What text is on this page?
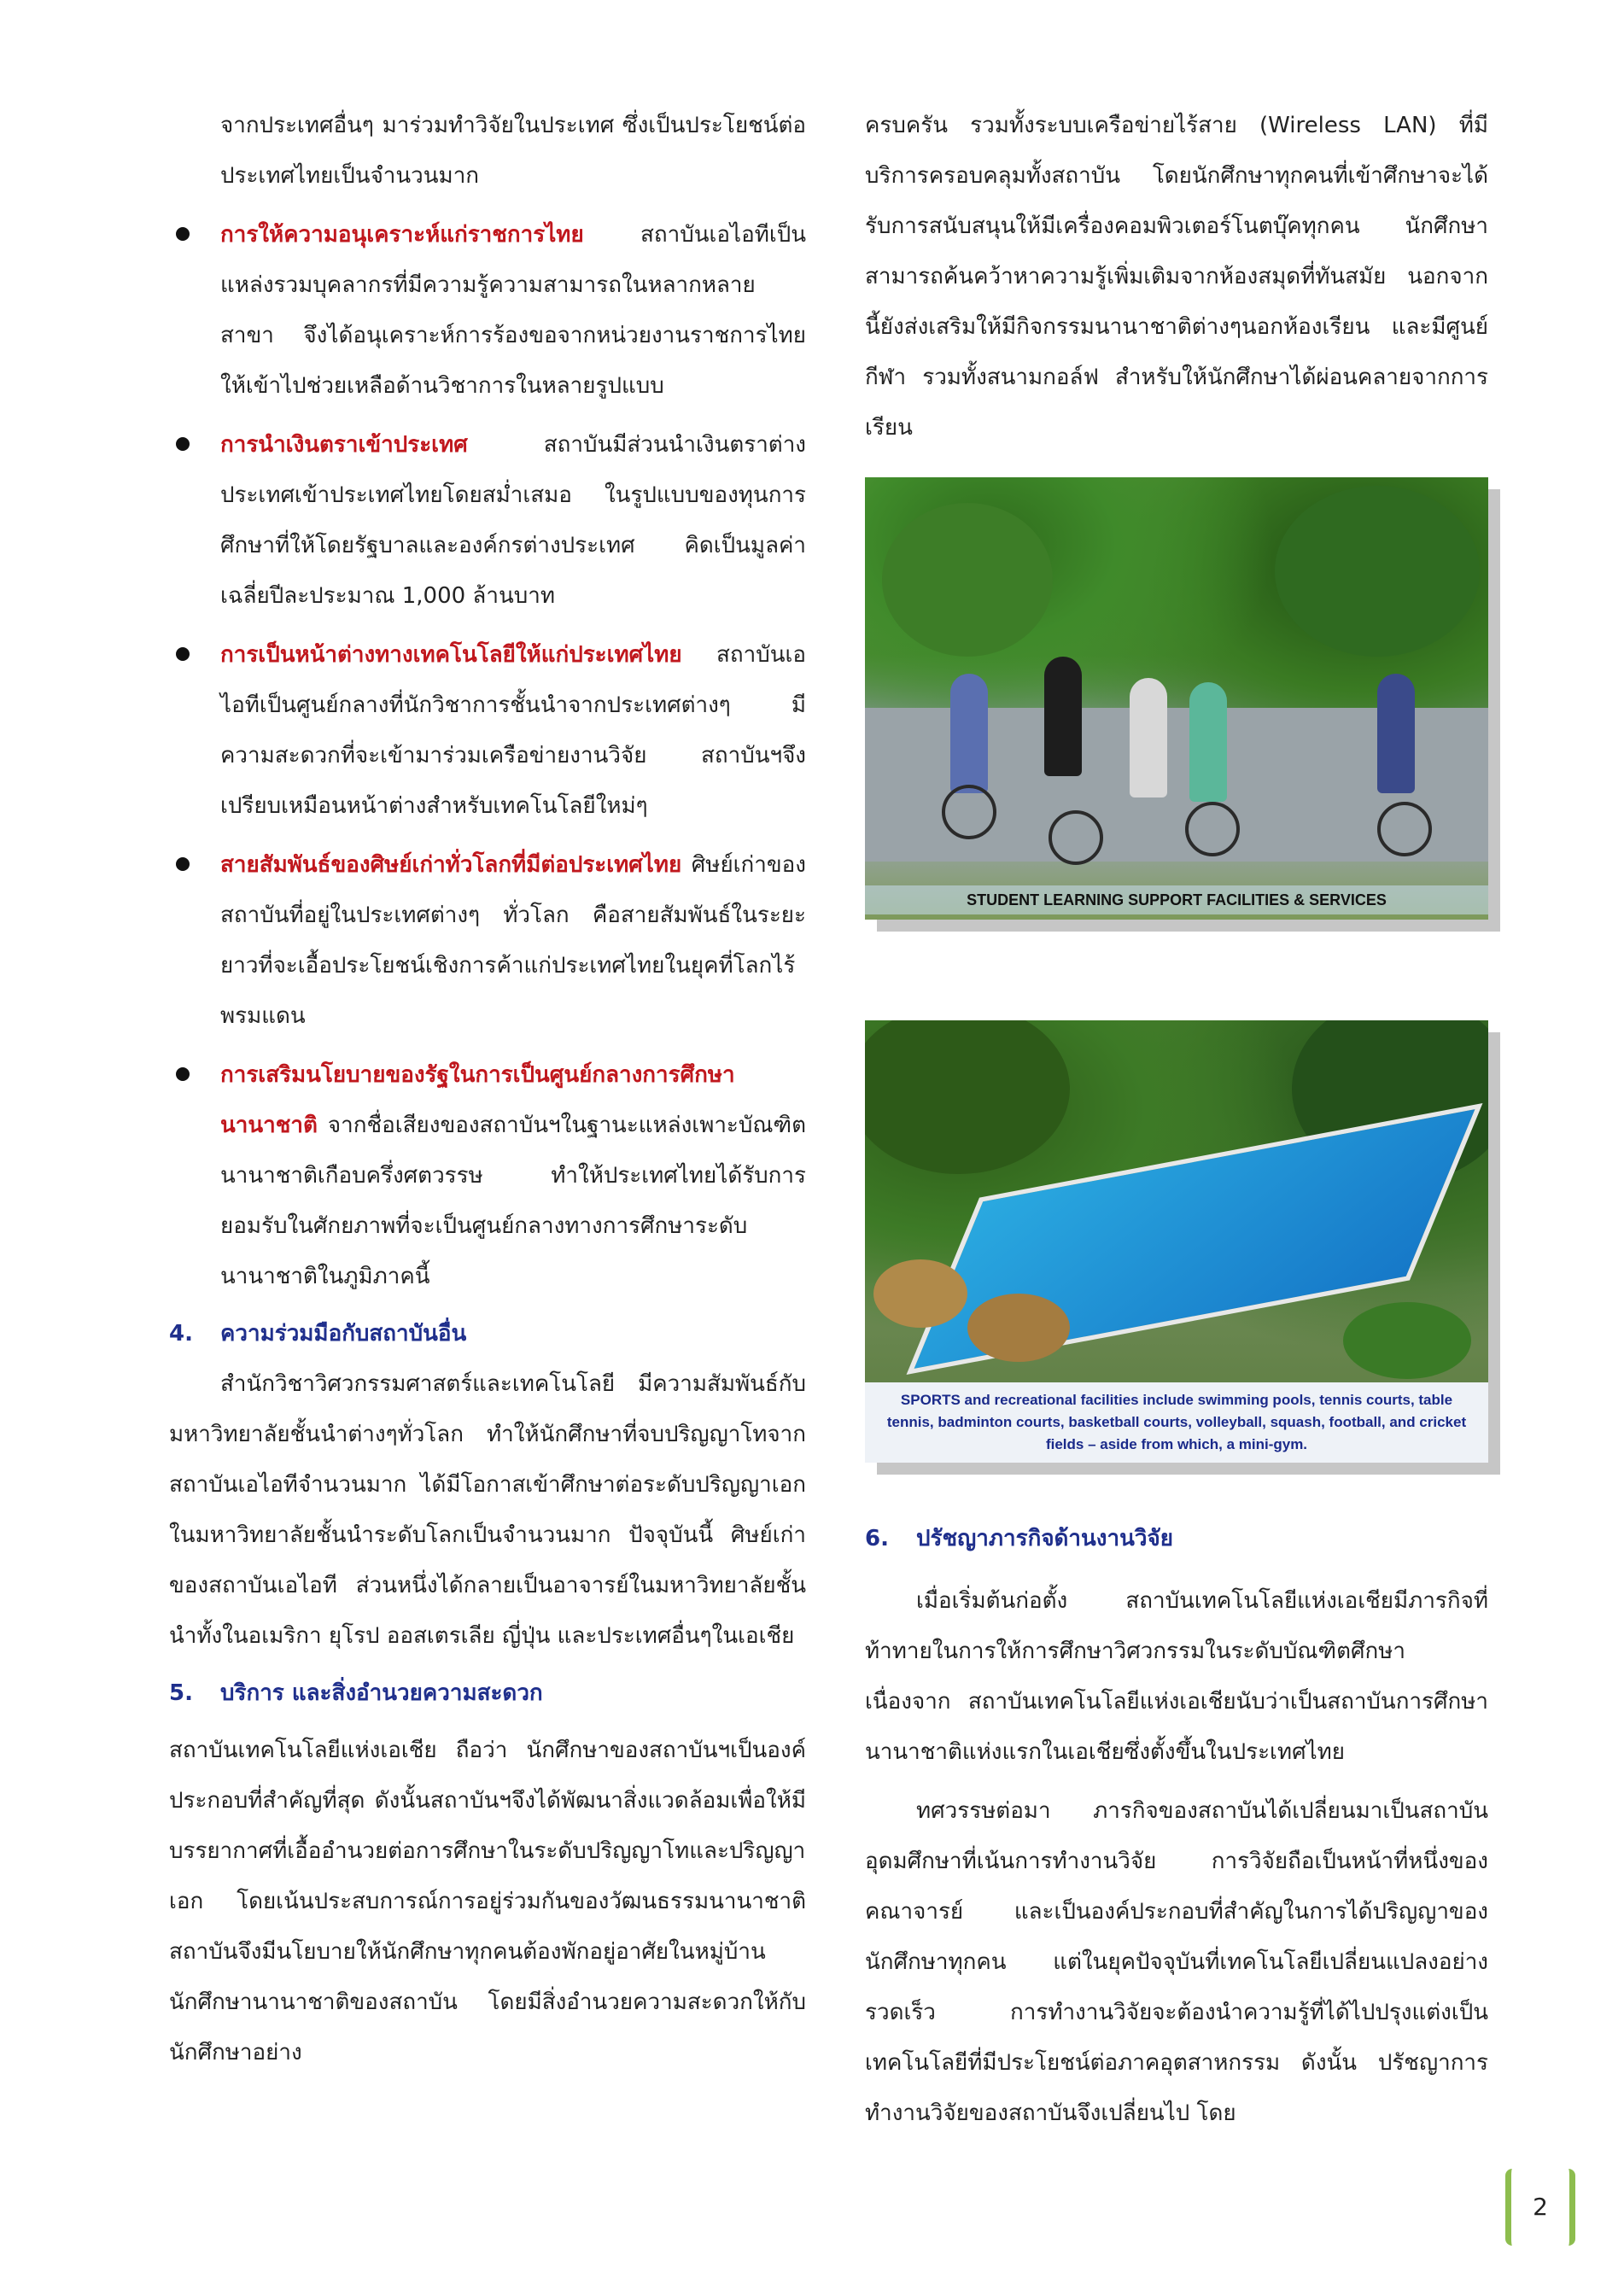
จากประเทศอื่นๆ มาร่วมทำวิจัยในประเทศ ซึ่งเป็นประโยชน์ต่อประเทศไทยเป็นจำนวนมาก

การให้ความอนุเคราะห์แก่ราชการไทย สถาบันเอไอทีเป็นแหล่งรวมบุคลากรที่มีความรู้ความสามารถในหลากหลายสาขา จึงได้อนุเคราะห์การร้องขอจากหน่วยงานราชการไทยให้เข้าไปช่วยเหลือด้านวิชาการในหลายรูปแบบ

การนำเงินตราเข้าประเทศ สถาบันมีส่วนนำเงินตราต่างประเทศเข้าประเทศไทยโดยสม่ำเสมอ ในรูปแบบของทุนการศึกษาที่ให้โดยรัฐบาลและองค์กรต่างประเทศ คิดเป็นมูลค่าเฉลี่ยปีละประมาณ 1,000 ล้านบาท

การเป็นหน้าต่างทางเทคโนโลยีให้แก่ประเทศไทย สถาบันเอไอทีเป็นศูนย์กลางที่นักวิชาการชั้นนำจากประเทศต่างๆ มีความสะดวกที่จะเข้ามาร่วมเครือข่ายงานวิจัย สถาบันฯจึงเปรียบเหมือนหน้าต่างสำหรับเทคโนโลยีใหม่ๆ

สายสัมพันธ์ของศิษย์เก่าทั่วโลกที่มีต่อประเทศไทย ศิษย์เก่าของสถาบันที่อยู่ในประเทศต่างๆ ทั่วโลก คือสายสัมพันธ์ในระยะยาวที่จะเอื้อประโยชน์เชิงการค้าแก่ประเทศไทยในยุคที่โลกไร้พรมแดน

การเสริมนโยบายของรัฐในการเป็นศูนย์กลางการศึกษานานาชาติ จากชื่อเสียงของสถาบันฯในฐานะแหล่งเพาะบัณฑิตนานาชาติเกือบครึ่งศตวรรษ ทำให้ประเทศไทยได้รับการยอมรับในศักยภาพที่จะเป็นศูนย์กลางทางการศึกษาระดับนานาชาติในภูมิภาคนี้

4. ความร่วมมือกับสถาบันอื่น

สำนักวิชาวิศวกรรมศาสตร์และเทคโนโลยี มีความสัมพันธ์กับมหาวิทยาลัยชั้นนำต่างๆทั่วโลก ทำให้นักศึกษาที่จบปริญญาโทจากสถาบันเอไอทีจำนวนมาก ได้มีโอกาสเข้าศึกษาต่อระดับปริญญาเอกในมหาวิทยาลัยชั้นนำระดับโลกเป็นจำนวนมาก ปัจจุบันนี้ ศิษย์เก่าของสถาบันเอไอที ส่วนหนึ่งได้กลายเป็นอาจารย์ในมหาวิทยาลัยชั้นนำทั้งในอเมริกา ยุโรป ออสเตรเลีย ญี่ปุ่น และประเทศอื่นๆในเอเชีย

5. บริการ และสิ่งอำนวยความสะดวก

สถาบันเทคโนโลยีแห่งเอเชีย ถือว่า นักศึกษาของสถาบันฯเป็นองค์ประกอบที่สำคัญที่สุด ดังนั้นสถาบันฯจึงได้พัฒนาสิ่งแวดล้อมเพื่อให้มีบรรยากาศที่เอื้ออำนวยต่อการศึกษาในระดับปริญญาโทและปริญญาเอก โดยเน้นประสบการณ์การอยู่ร่วมกันของวัฒนธรรมนานาชาติ สถาบันจึงมีนโยบายให้นักศึกษาทุกคนต้องพักอยู่อาศัยในหมู่บ้านนักศึกษานานาชาติของสถาบัน โดยมีสิ่งอำนวยความสะดวกให้กับนักศึกษาอย่าง

ครบครัน รวมทั้งระบบเครือข่ายไร้สาย (Wireless LAN) ที่มีบริการครอบคลุมทั้งสถาบัน โดยนักศึกษาทุกคนที่เข้าศึกษาจะได้รับการสนับสนุนให้มีเครื่องคอมพิวเตอร์โนตบุ๊คทุกคน นักศึกษาสามารถค้นคว้าหาความรู้เพิ่มเติมจากห้องสมุดที่ทันสมัย นอกจากนี้ยังส่งเสริมให้มีกิจกรรมนานาชาติต่างๆนอกห้องเรียน และมีศูนย์กีฬา รวมทั้งสนามกอล์ฟ สำหรับให้นักศึกษาได้ผ่อนคลายจากการเรียน

STUDENT LEARNING SUPPORT FACILITIES & SERVICES
SPORTS and recreational facilities include swimming pools, tennis courts, table tennis, badminton courts, basketball courts, volleyball, squash, football, and cricket fields – aside from which, a mini-gym.
6. ปรัชญาภารกิจด้านงานวิจัย

เมื่อเริ่มต้นก่อตั้ง สถาบันเทคโนโลยีแห่งเอเชียมีภารกิจที่ท้าทายในการให้การศึกษาวิศวกรรมในระดับบัณฑิตศึกษา เนื่องจาก สถาบันเทคโนโลยีแห่งเอเชียนับว่าเป็นสถาบันการศึกษานานาชาติแห่งแรกในเอเชียซึ่งตั้งขึ้นในประเทศไทย

ทศวรรษต่อมา ภารกิจของสถาบันได้เปลี่ยนมาเป็นสถาบันอุดมศึกษาที่เน้นการทำงานวิจัย การวิจัยถือเป็นหน้าที่หนึ่งของคณาจารย์ และเป็นองค์ประกอบที่สำคัญในการได้ปริญญาของนักศึกษาทุกคน แต่ในยุคปัจจุบันที่เทคโนโลยีเปลี่ยนแปลงอย่างรวดเร็ว การทำงานวิจัยจะต้องนำความรู้ที่ได้ไปปรุงแต่งเป็นเทคโนโลยีที่มีประโยชน์ต่อภาคอุตสาหกรรม ดังนั้น ปรัชญาการทำงานวิจัยของสถาบันจึงเปลี่ยนไป โดย

2
